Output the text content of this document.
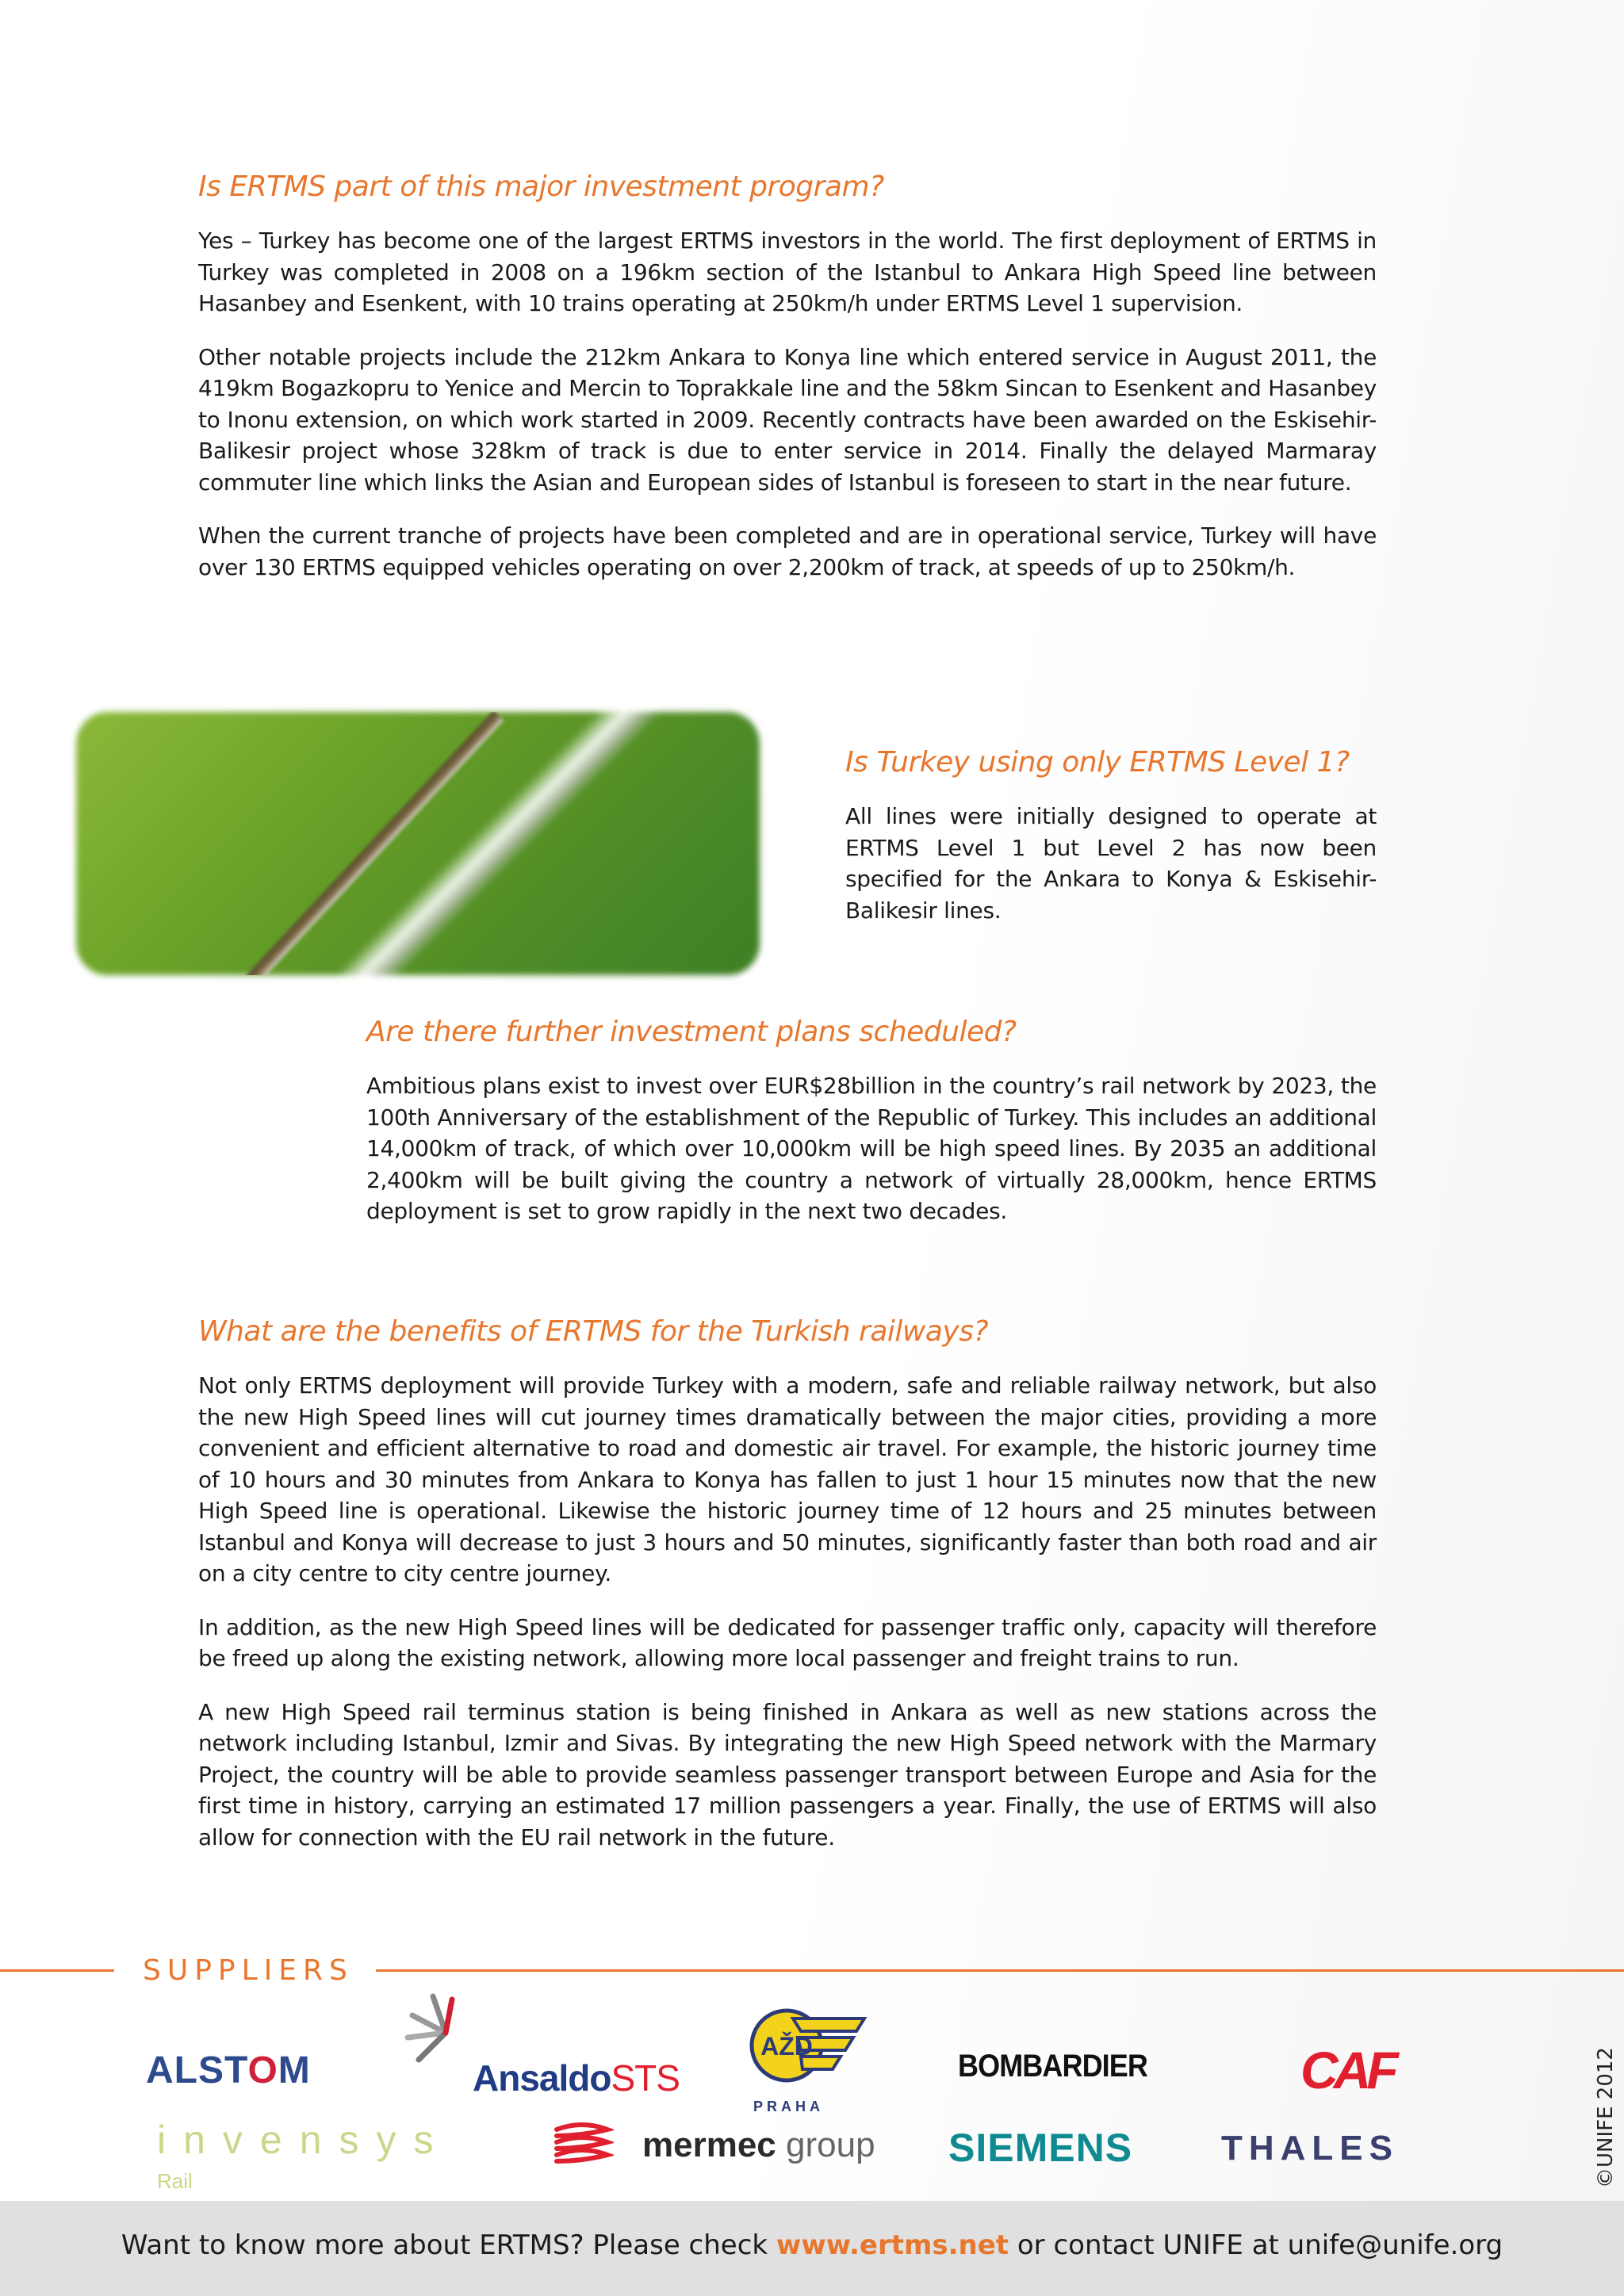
Is ERTMS part of this major investment program?

Yes – Turkey has become one of the largest ERTMS investors in the world. The first deployment of ERTMS in Turkey was completed in 2008 on a 196km section of the Istanbul to Ankara High Speed line between Hasanbey and Esenkent, with 10 trains operating at 250km/h under ERTMS Level 1 supervision.

Other notable projects include the 212km Ankara to Konya line which entered service in August 2011, the 419km Bogazkopru to Yenice and Mercin to Toprakkale line and the 58km Sincan to Esenkent and Hasanbey to Inonu extension, on which work started in 2009. Recently contracts have been awarded on the Eskisehir-Balikesir project whose 328km of track is due to enter service in 2014. Finally the delayed Marmaray commuter line which links the Asian and European sides of Istanbul is foreseen to start in the near future.

When the current tranche of projects have been completed and are in operational service, Turkey will have over 130 ERTMS equipped vehicles operating on over 2,200km of track, at speeds of up to 250km/h.

Is Turkey using only ERTMS Level 1?

All lines were initially designed to operate at ERTMS Level 1 but Level 2 has now been specified for the Ankara to Konya & Eskisehir-Balikesir lines.

Are there further investment plans scheduled?

Ambitious plans exist to invest over EUR$28billion in the country’s rail network by 2023, the 100th Anniversary of the establishment of the Republic of Turkey. This includes an additional 14,000km of track, of which over 10,000km will be high speed lines. By 2035 an additional 2,400km will be built giving the country a network of virtually 28,000km, hence ERTMS deployment is set to grow rapidly in the next two decades.

What are the benefits of ERTMS for the Turkish railways?

Not only ERTMS deployment will provide Turkey with a modern, safe and reliable railway network, but also the new High Speed lines will cut journey times dramatically between the major cities, providing a more convenient and efficient alternative to road and domestic air travel. For example, the historic journey time of 10 hours and 30 minutes from Ankara to Konya has fallen to just 1 hour 15 minutes now that the new High Speed line is operational. Likewise the historic journey time of 12 hours and 25 minutes between Istanbul and Konya will decrease to just 3 hours and 50 minutes, significantly faster than both road and air on a city centre to city centre journey.

In addition, as the new High Speed lines will be dedicated for passenger traffic only, capacity will therefore be freed up along the existing network, allowing more local passenger and freight trains to run.

A new High Speed rail terminus station is being finished in Ankara as well as new stations across the network including Istanbul, Izmir and Sivas. By integrating the new High Speed network with the Marmary Project, the country will be able to provide seamless passenger transport between Europe and Asia for the first time in history, carrying an estimated 17 million passengers a year. Finally, the use of ERTMS will also allow for connection with the EU rail network in the future.

SUPPLIERS
ALSTOM	AnsaldoSTS
AŽD
PRAHA
BOMBARDIER	CAF
invensys
Rail
mermec group SIEMENS	THALES	©UNIFE 2012
Want to know more about ERTMS? Please check www.ertms.net or contact UNIFE at unife@unife.org
